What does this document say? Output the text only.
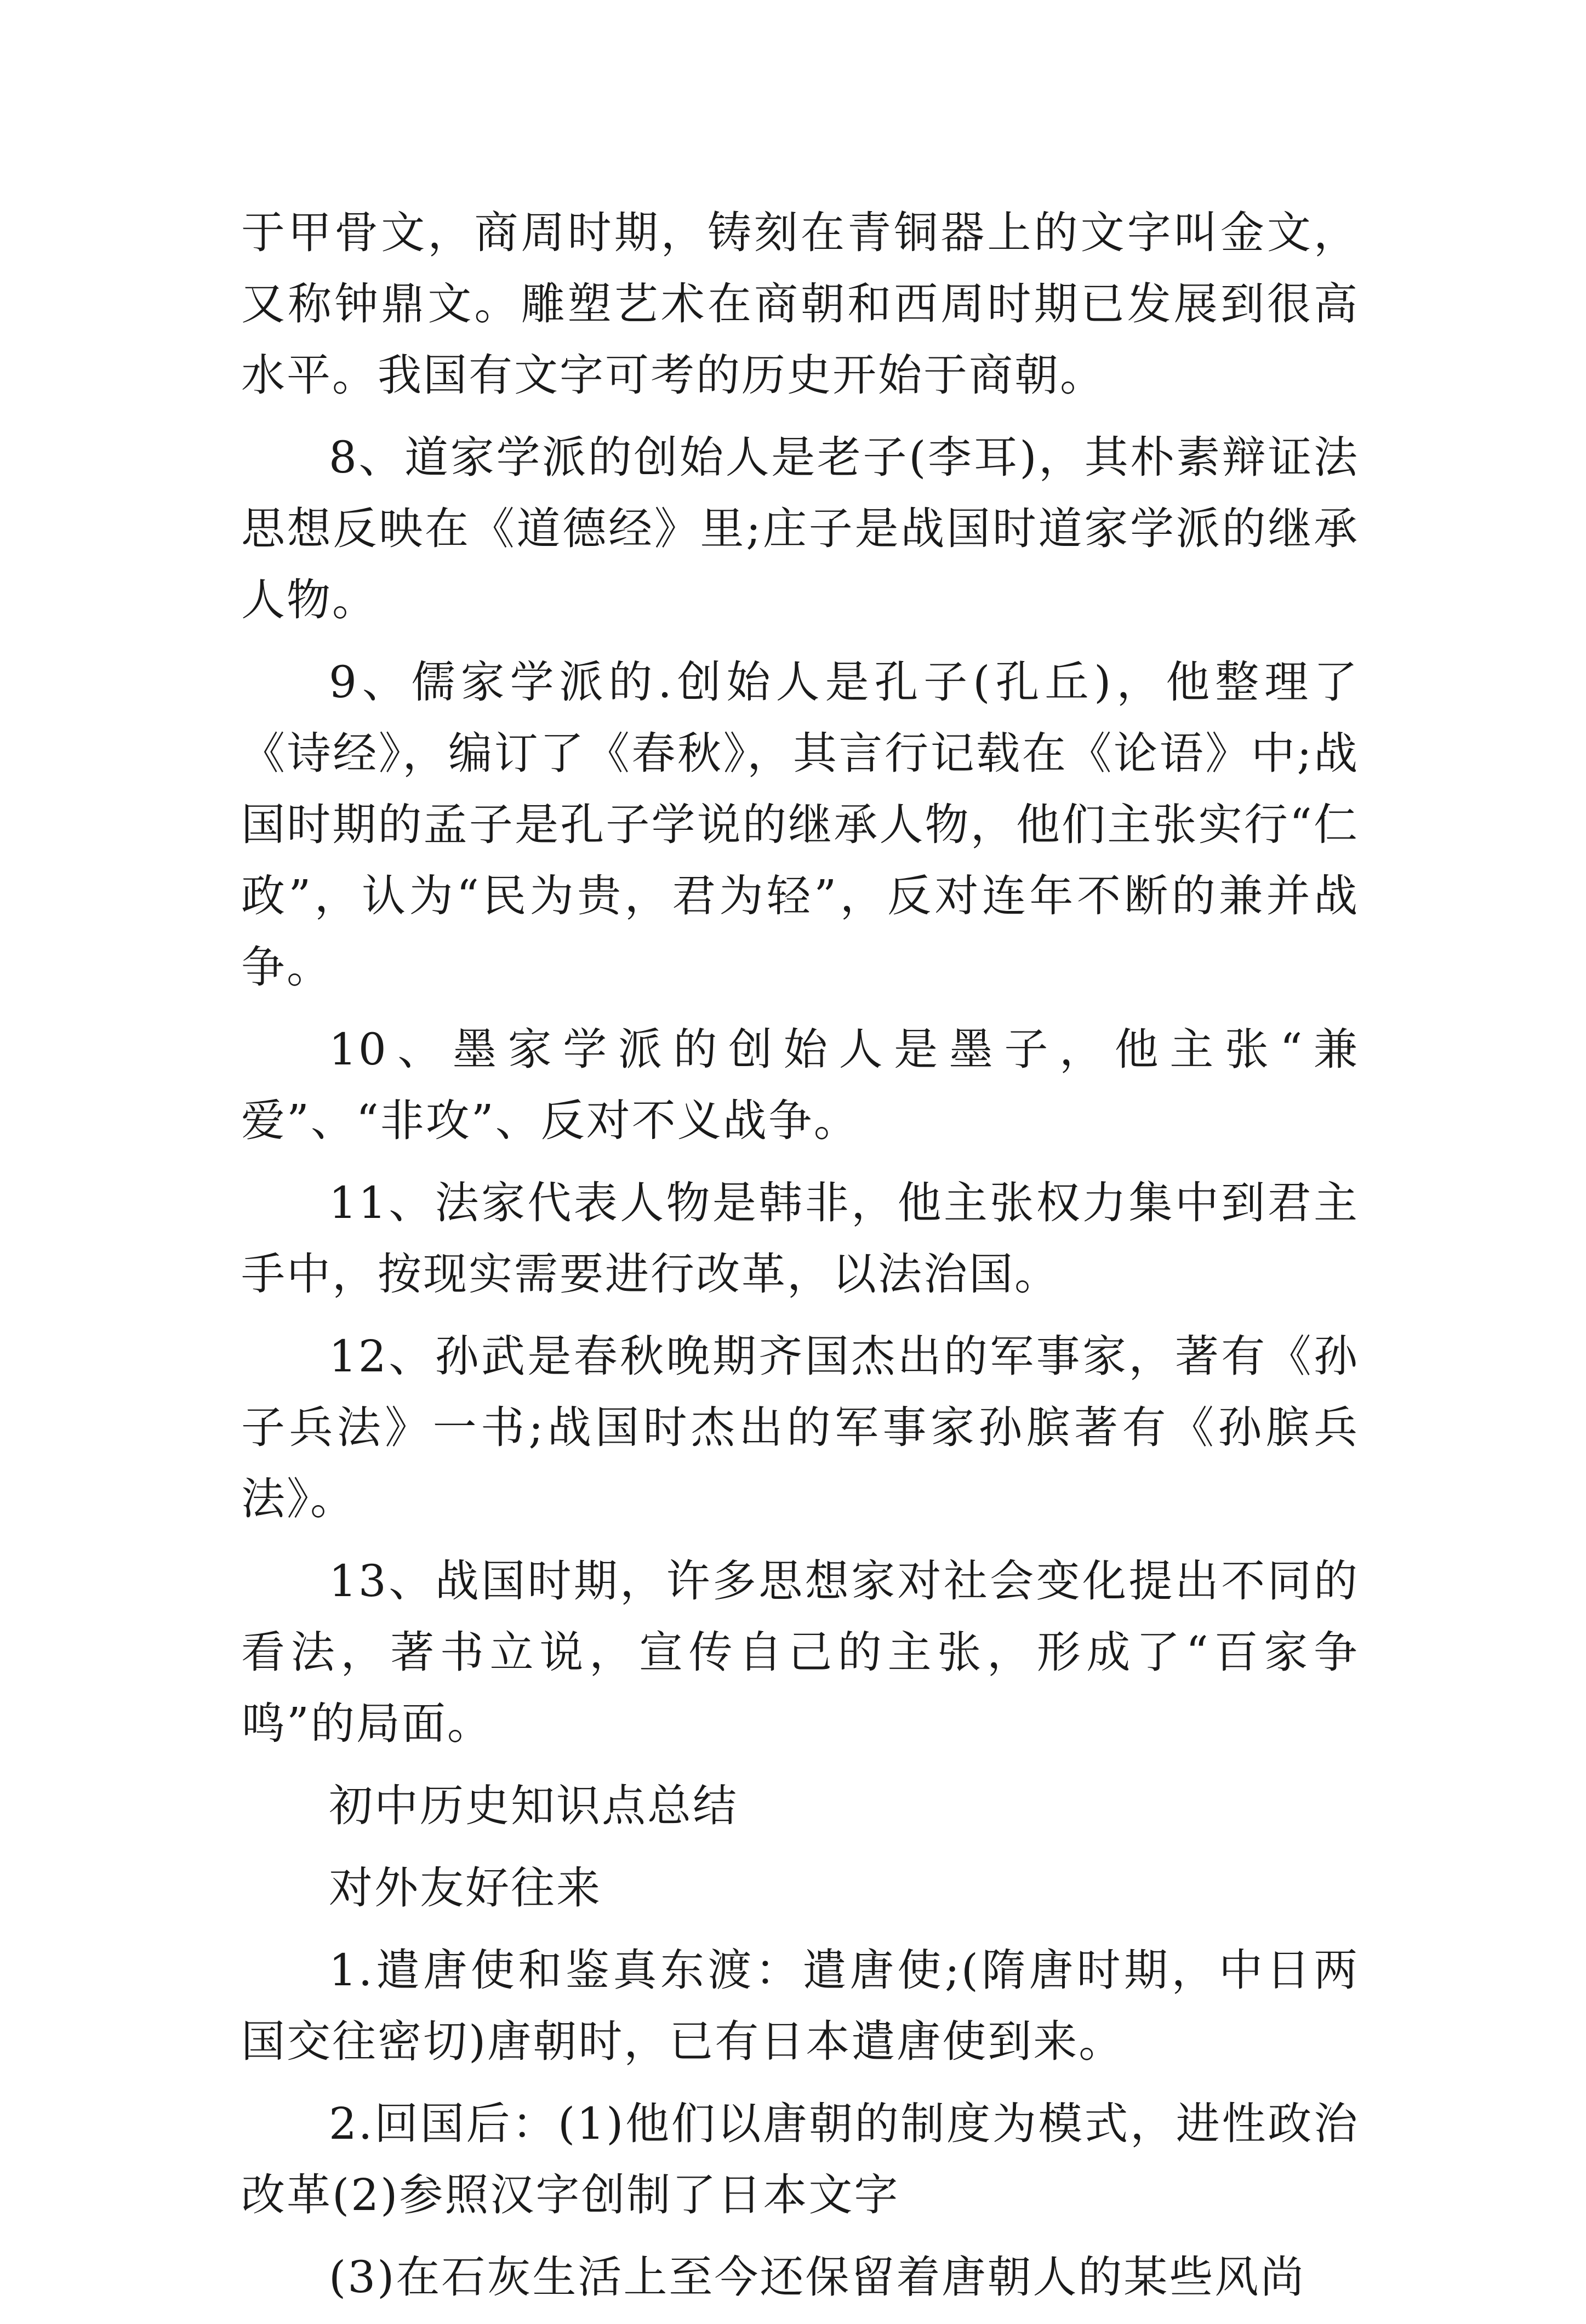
于甲骨文，商周时期，铸刻在青铜器上的文字叫金文，又称钟鼎文。雕塑艺术在商朝和西周时期已发展到很高水平。我国有文字可考的历史开始于商朝。

8、道家学派的创始人是老子(李耳)，其朴素辩证法思想反映在《道德经》里;庄子是战国时道家学派的继承人物。

9、儒家学派的.创始人是孔子(孔丘)，他整理了《诗经》，编订了《春秋》，其言行记载在《论语》中;战国时期的孟子是孔子学说的继承人物，他们主张实行“仁政”，认为“民为贵，君为轻”，反对连年不断的兼并战争。

10、墨家学派的创始人是墨子，他主张“兼爱”、“非攻”、反对不义战争。

11、法家代表人物是韩非，他主张权力集中到君主手中，按现实需要进行改革，以法治国。

12、孙武是春秋晚期齐国杰出的军事家，著有《孙子兵法》一书;战国时杰出的军事家孙膑著有《孙膑兵法》。

13、战国时期，许多思想家对社会变化提出不同的看法，著书立说，宣传自己的主张，形成了“百家争鸣”的局面。

初中历史知识点总结

对外友好往来

1.遣唐使和鉴真东渡：遣唐使;(隋唐时期，中日两国交往密切)唐朝时，已有日本遣唐使到来。

2.回国后：(1)他们以唐朝的制度为模式，进性政治改革(2)参照汉字创制了日本文字

(3)在石灰生活上至今还保留着唐朝人的某些风尚
